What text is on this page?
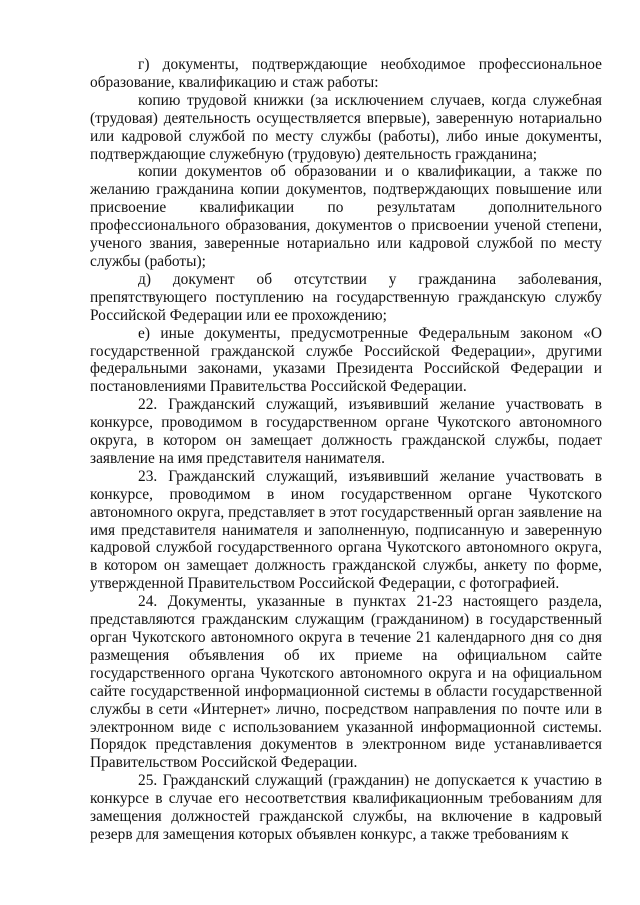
г) документы, подтверждающие необходимое профессиональное образование, квалификацию и стаж работы:

копию трудовой книжки (за исключением случаев, когда служебная (трудовая) деятельность осуществляется впервые), заверенную нотариально или кадровой службой по месту службы (работы), либо иные документы, подтверждающие служебную (трудовую) деятельность гражданина;

копии документов об образовании и о квалификации, а также по желанию гражданина копии документов, подтверждающих повышение или присвоение квалификации по результатам дополнительного профессионального образования, документов о присвоении ученой степени, ученого звания, заверенные нотариально или кадровой службой по месту службы (работы);

д) документ об отсутствии у гражданина заболевания, препятствующего поступлению на государственную гражданскую службу Российской Федерации или ее прохождению;

е) иные документы, предусмотренные Федеральным законом «О государственной гражданской службе Российской Федерации», другими федеральными законами, указами Президента Российской Федерации и постановлениями Правительства Российской Федерации.

22. Гражданский служащий, изъявивший желание участвовать в конкурсе, проводимом в государственном органе Чукотского автономного округа, в котором он замещает должность гражданской службы, подает заявление на имя представителя нанимателя.

23. Гражданский служащий, изъявивший желание участвовать в конкурсе, проводимом в ином государственном органе Чукотского автономного округа, представляет в этот государственный орган заявление на имя представителя нанимателя и заполненную, подписанную и заверенную кадровой службой государственного органа Чукотского автономного округа, в котором он замещает должность гражданской службы, анкету по форме, утвержденной Правительством Российской Федерации, с фотографией.

24. Документы, указанные в пунктах 21-23 настоящего раздела, представляются гражданским служащим (гражданином) в государственный орган Чукотского автономного округа в течение 21 календарного дня со дня размещения объявления об их приеме на официальном сайте государственного органа Чукотского автономного округа и на официальном сайте государственной информационной системы в области государственной службы в сети «Интернет» лично, посредством направления по почте или в электронном виде с использованием указанной информационной системы. Порядок представления документов в электронном виде устанавливается Правительством Российской Федерации.

25. Гражданский служащий (гражданин) не допускается к участию в конкурсе в случае его несоответствия квалификационным требованиям для замещения должностей гражданской службы, на включение в кадровый резерв для замещения которых объявлен конкурс, а также требованиям к
